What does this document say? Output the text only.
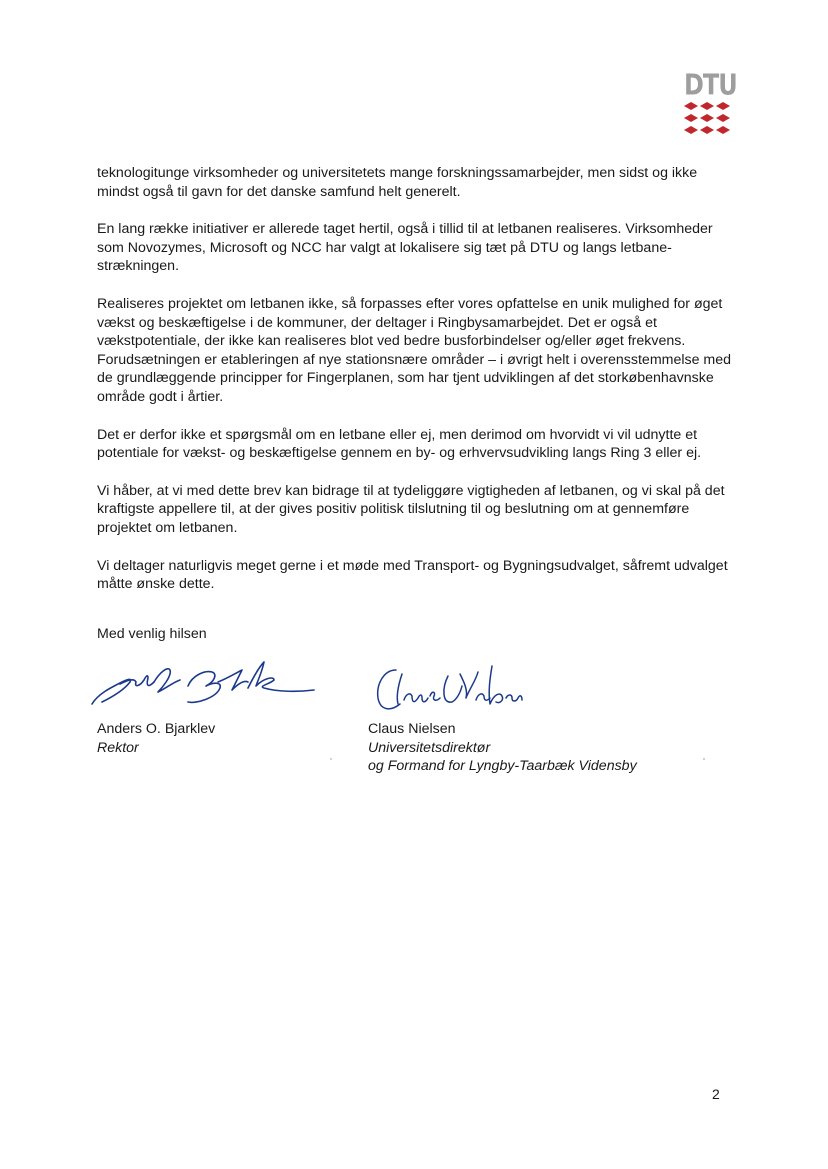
DTU

teknologitunge virksomheder og universitetets mange forskningssamarbejder, men sidst og ikke
mindst også til gavn for det danske samfund helt generelt.

En lang række initiativer er allerede taget hertil, også i tillid til at letbanen realiseres. Virksomheder
som Novozymes, Microsoft og NCC har valgt at lokalisere sig tæt på DTU og langs letbane-
strækningen.

Realiseres projektet om letbanen ikke, så forpasses efter vores opfattelse en unik mulighed for øget
vækst og beskæftigelse i de kommuner, der deltager i Ringbysamarbejdet. Det er også et
vækstpotentiale, der ikke kan realiseres blot ved bedre busforbindelser og/eller øget frekvens.
Forudsætningen er etableringen af nye stationsnære områder – i øvrigt helt i overensstemmelse med
de grundlæggende principper for Fingerplanen, som har tjent udviklingen af det storkøbenhavnske
område godt i årtier.

Det er derfor ikke et spørgsmål om en letbane eller ej, men derimod om hvorvidt vi vil udnytte et
potentiale for vækst- og beskæftigelse gennem en by- og erhvervsudvikling langs Ring 3 eller ej.

Vi håber, at vi med dette brev kan bidrage til at tydeliggøre vigtigheden af letbanen, og vi skal på det
kraftigste appellere til, at der gives positiv politisk tilslutning til og beslutning om at gennemføre
projektet om letbanen.

Vi deltager naturligvis meget gerne i et møde med Transport- og Bygningsudvalget, såfremt udvalget
måtte ønske dette.

Med venlig hilsen
Anders O. Bjarklev
Rektor
Claus Nielsen
Universitetsdirektør
og Formand for Lyngby-Taarbæk Vidensby
2
